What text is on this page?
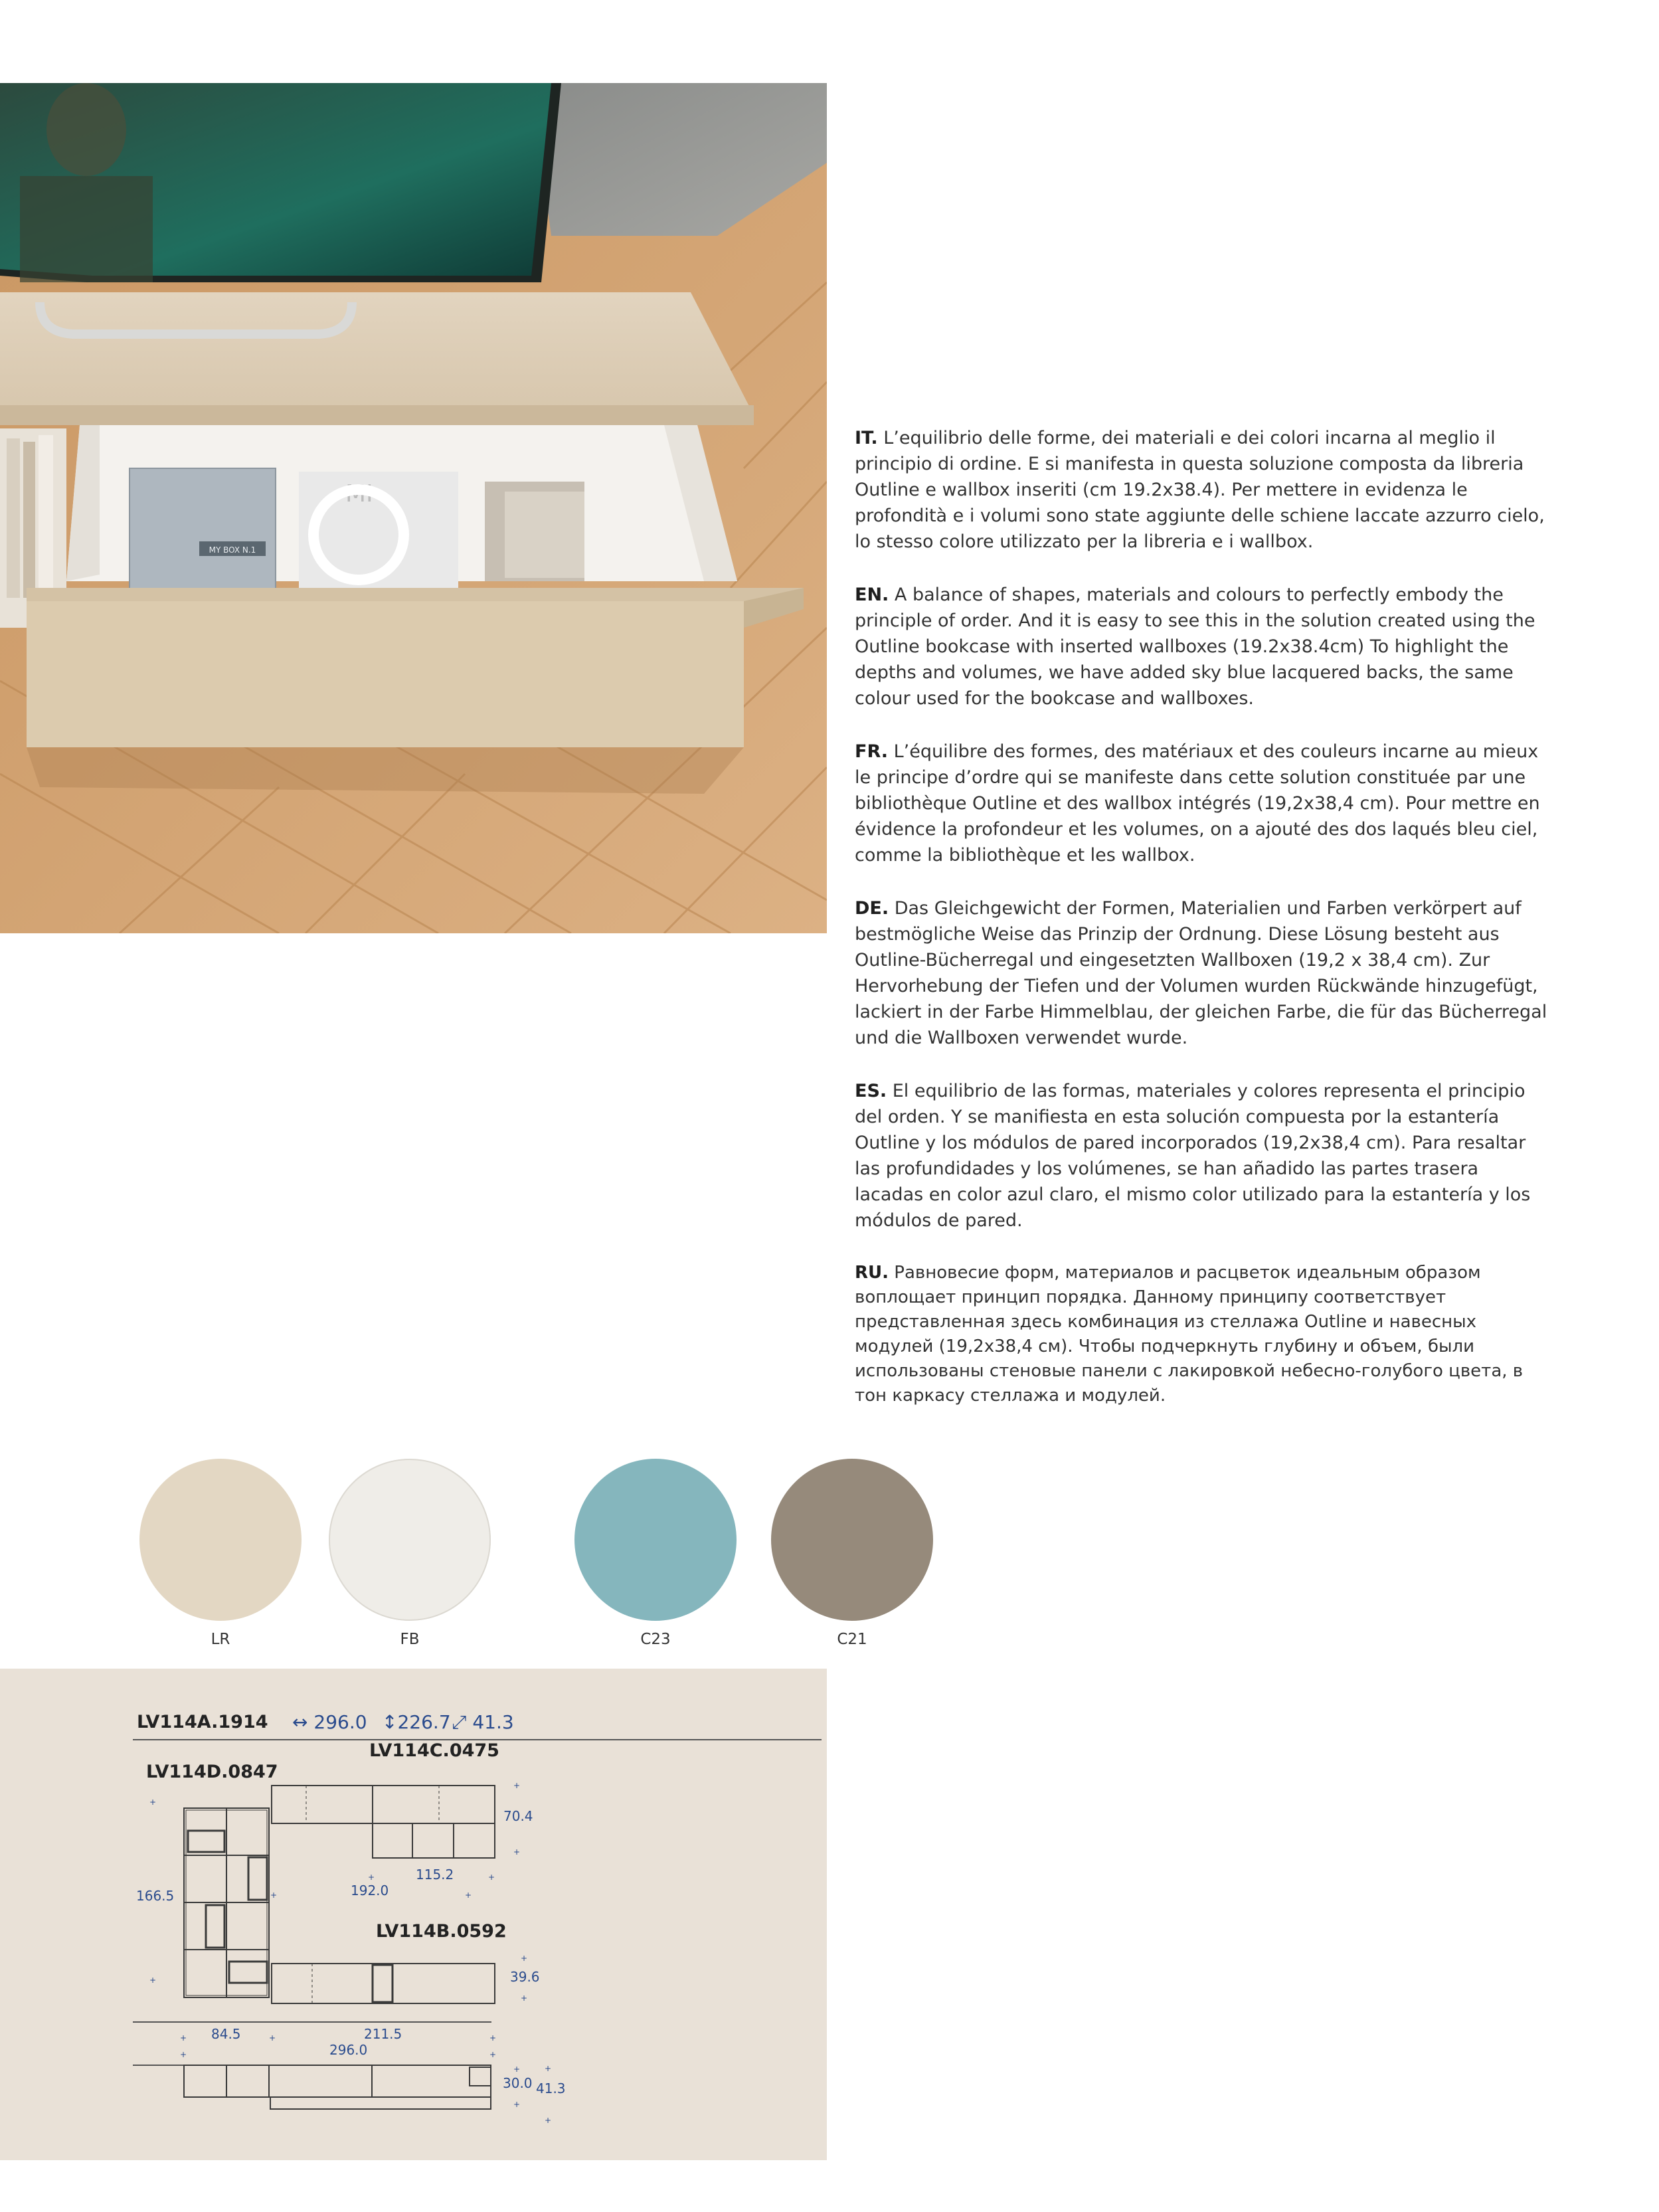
MY BOX N.1
MI

IT. L’equilibrio delle forme, dei materiali e dei colori incarna al meglio il principio di ordine. E si manifesta in questa soluzione composta da libreria Outline e wallbox inseriti (cm 19.2x38.4). Per mettere in evidenza le profondità e i volumi sono state aggiunte delle schiene laccate azzurro cielo, lo stesso colore utilizzato per la libreria e i wallbox.

EN. A balance of shapes, materials and colours to perfectly embody the principle of order. And it is easy to see this in the solution created using the Outline bookcase with inserted wallboxes (19.2x38.4cm) To highlight the depths and volumes, we have added sky blue lacquered backs, the same colour used for the bookcase and wallboxes.

FR. L’équilibre des formes, des matériaux et des couleurs incarne au mieux le principe d’ordre qui se manifeste dans cette solution constituée par une bibliothèque Outline et des wallbox intégrés (19,2x38,4 cm). Pour mettre en évidence la profondeur et les volumes, on a ajouté des dos laqués bleu ciel, comme la bibliothèque et les wallbox.

DE. Das Gleichgewicht der Formen, Materialien und Farben verkörpert auf bestmögliche Weise das Prinzip der Ordnung. Diese Lösung besteht aus Outline-Bücherregal und eingesetzten Wallboxen (19,2 x 38,4 cm). Zur Hervorhebung der Tiefen und der Volumen wurden Rückwände hinzugefügt, lackiert in der Farbe Himmelblau, der gleichen Farbe, die für das Bücherregal und die Wallboxen verwendet wurde.

ES. El equilibrio de las formas, materiales y colores representa el principio del orden. Y se manifiesta en esta solución compuesta por la estantería Outline y los módulos de pared incorporados (19,2x38,4 cm). Para resaltar las profundidades y los volúmenes, se han añadido las partes trasera lacadas en color azul claro, el mismo color utilizado para la estantería y los módulos de pared.

RU. Равновесие форм, материалов и расцветок идеальным образом воплощает принцип порядка. Данному принципу соответствует представленная здесь комбинация из стеллажа Outline и навесных модулей (19,2x38,4 см). Чтобы подчеркнуть глубину и объем, были использованы стеновые панели с лакировкой небесно-голубого цвета, в тон каркасу стеллажа и модулей.

LR	FB	C23	C21
LV114A.1914 ↔ 296.0 ↕226.7 ⤢ 41.3
+
+
+
+
+
+
+
+
+
+
+	+	+
+	+
+
+
+
+
LV114D.0847
LV114C.0475
LV114B.0592
70.4
115.2
192.0
166.5
39.6
84.5	211.5
296.0
30.0 41.3
